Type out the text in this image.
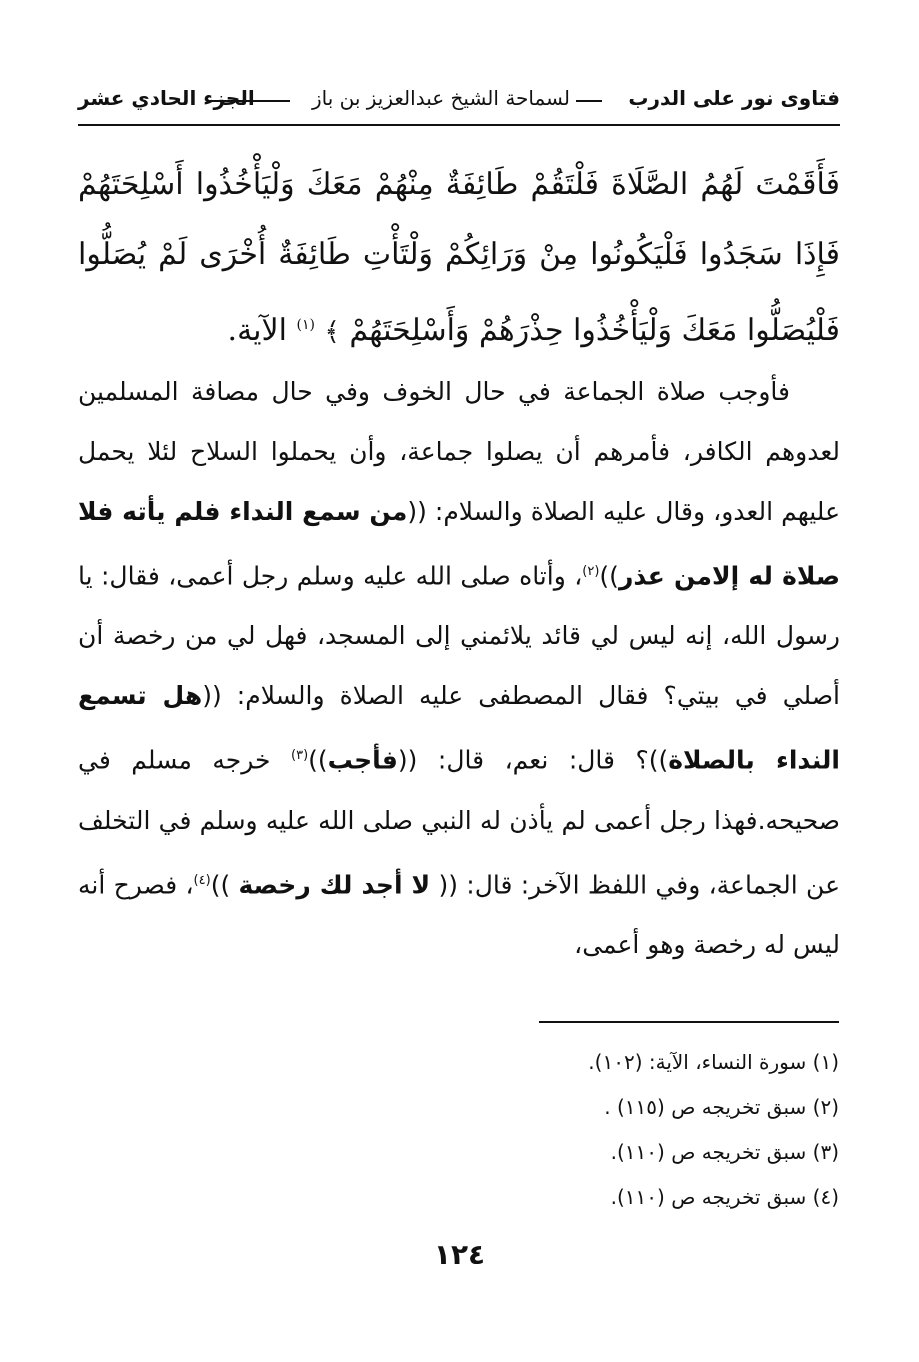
فتاوى نور على الدرب
لسماحة الشيخ عبدالعزيز بن باز
الجزء الحادي عشر
فَأَقَمْتَ لَهُمُ الصَّلَاةَ فَلْتَقُمْ طَائِفَةٌ مِنْهُمْ مَعَكَ وَلْيَأْخُذُوا أَسْلِحَتَهُمْ فَإِذَا سَجَدُوا فَلْيَكُونُوا مِنْ وَرَائِكُمْ وَلْتَأْتِ طَائِفَةٌ أُخْرَى لَمْ يُصَلُّوا فَلْيُصَلُّوا مَعَكَ وَلْيَأْخُذُوا حِذْرَهُمْ وَأَسْلِحَتَهُمْ ﴾ $^{(١)}$ الآية.

فأوجب صلاة الجماعة في حال الخوف وفي حال مصافة المسلمين لعدوهم الكافر، فأمرهم أن يصلوا جماعة، وأن يحملوا السلاح لئلا يحمل عليهم العدو، وقال عليه الصلاة والسلام: ((من سمع النداء فلم يأته فلا صلاة له إلامن عذر))$^{(٢)}$، وأتاه صلى الله عليه وسلم رجل أعمى، فقال: يا رسول الله، إنه ليس لي قائد يلائمني إلى المسجد، فهل لي من رخصة أن أصلي في بيتي؟ فقال المصطفى عليه الصلاة والسلام: ((هل تسمع النداء بالصلاة))؟ قال: نعم، قال: ((فأجب))$^{(٣)}$ خرجه مسلم في صحيحه.فهذا رجل أعمى لم يأذن له النبي صلى الله عليه وسلم في التخلف عن الجماعة، وفي اللفظ الآخر: قال: (( لا أجد لك رخصة ))$^{(٤)}$، فصرح أنه ليس له رخصة وهو أعمى،

(١) سورة النساء، الآية: (١٠٢).
(٢) سبق تخريجه ص (١١٥) .
(٣) سبق تخريجه ص (١١٠).
(٤) سبق تخريجه ص (١١٠).
١٢٤
